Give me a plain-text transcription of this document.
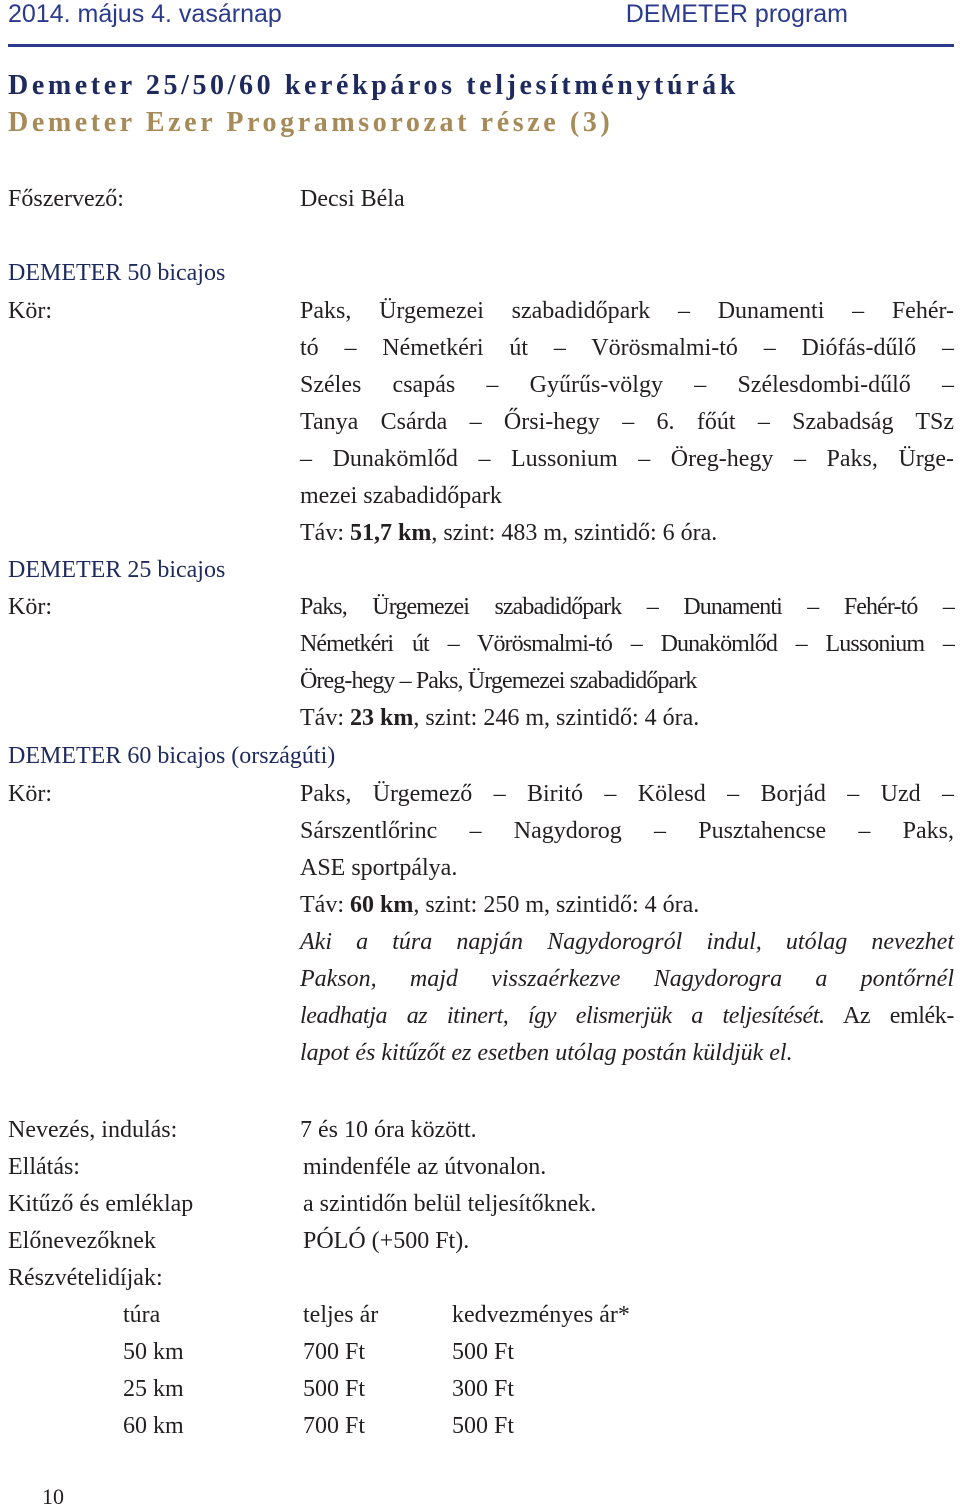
2014. május 4. vasárnap	DEMETER program
Demeter 25/50/60 kerékpáros teljesítménytúrák
Demeter Ezer Programsorozat része (3)
Főszervező:	Decsi Béla
DEMETER 50 bicajos
Kör:	Paks, Ürgemezei szabadidőpark – Dunamenti – Fehér-
tó – Németkéri út – Vörösmalmi-tó – Diófás-dűlő –
Széles csapás – Gyűrűs-völgy – Szélesdombi-dűlő –
Tanya Csárda – Őrsi-hegy – 6. főút – Szabadság TSz
– Dunakömlőd – Lussonium – Öreg-hegy – Paks, Ürge-
mezei szabadidőpark
Táv: 51,7 km, szint: 483 m, szintidő: 6 óra.
DEMETER 25 bicajos
Kör:	Paks, Ürgemezei szabadidőpark – Dunamenti – Fehér-tó –
Németkéri út – Vörösmalmi-tó – Dunakömlőd – Lussonium –
Öreg-hegy – Paks, Ürgemezei szabadidőpark
Táv: 23 km, szint: 246 m, szintidő: 4 óra.
DEMETER 60 bicajos (országúti)
Kör:	Paks, Ürgemező – Biritó – Kölesd – Borjád – Uzd –
Sárszentlőrinc – Nagydorog – Pusztahencse – Paks,
ASE sportpálya.
Táv: 60 km, szint: 250 m, szintidő: 4 óra.
Aki a túra napján Nagydorogról indul, utólag nevezhet
Pakson, majd visszaérkezve Nagydorogra a pontőrnél
leadhatja az itinert, így elismerjük a teljesítését. Az emlék-
lapot és kitűzőt ez esetben utólag postán küldjük el.
Nevezés, indulás:	7 és 10 óra között.
Ellátás:	mindenféle az útvonalon.
Kitűző és emléklap	a szintidőn belül teljesítőknek.
Előnevezőknek	PÓLÓ (+500 Ft).
Részvételidíjak:
túra	teljes ár	kedvezményes ár*
50 km	700 Ft	500 Ft
25 km	500 Ft	300 Ft
60 km	700 Ft	500 Ft
10
